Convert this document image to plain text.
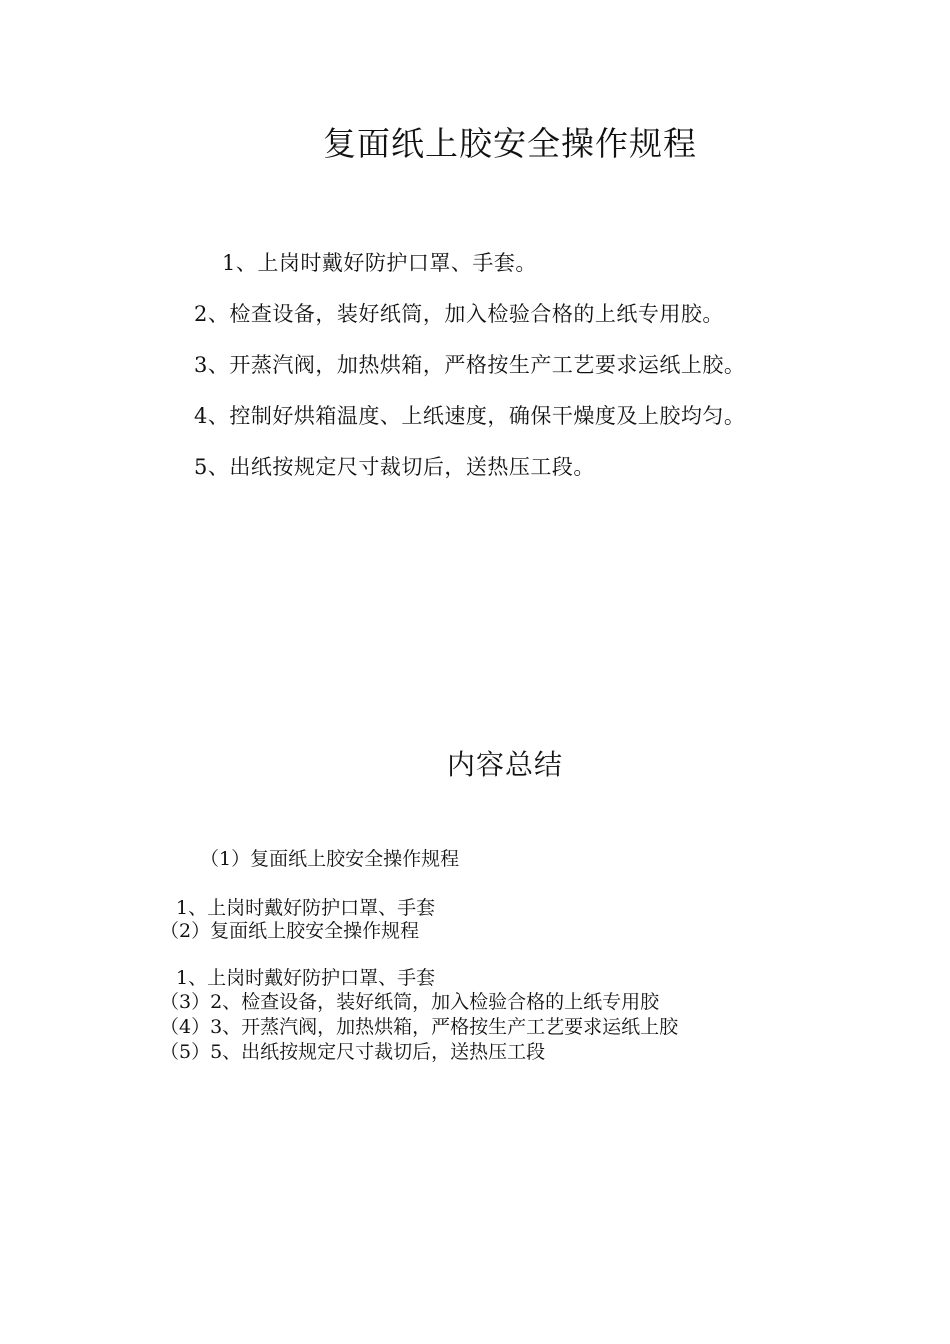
复面纸上胶安全操作规程
1、上岗时戴好防护口罩、手套。
2、检查设备，装好纸筒，加入检验合格的上纸专用胶。
3、开蒸汽阀，加热烘箱，严格按生产工艺要求运纸上胶。
4、控制好烘箱温度、上纸速度，确保干燥度及上胶均匀。
5、出纸按规定尺寸裁切后，送热压工段。
内容总结
（1）复面纸上胶安全操作规程
1、上岗时戴好防护口罩、手套
（2）复面纸上胶安全操作规程
1、上岗时戴好防护口罩、手套
（3）2、检查设备，装好纸筒，加入检验合格的上纸专用胶
（4）3、开蒸汽阀，加热烘箱，严格按生产工艺要求运纸上胶
（5）5、出纸按规定尺寸裁切后，送热压工段
